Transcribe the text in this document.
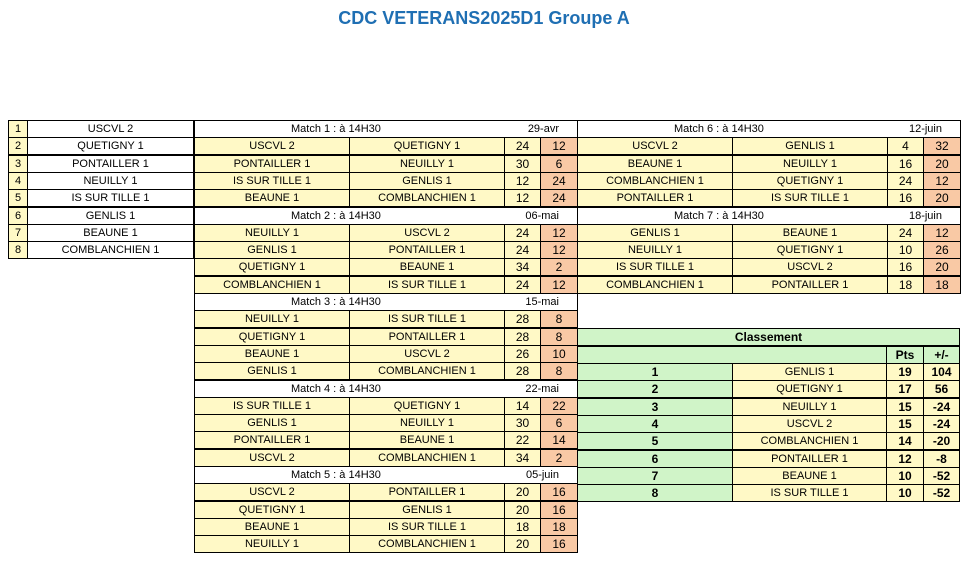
CDC VETERANS2025D1 Groupe A
1	USCVL 2
2	QUETIGNY 1
3	PONTAILLER 1
4	NEUILLY 1
5	IS SUR TILLE 1
6	GENLIS 1
7	BEAUNE 1
8	COMBLANCHIEN 1
Match 1 : à 14H30	29-avr
USCVL 2	QUETIGNY 1	24	12
PONTAILLER 1	NEUILLY 1	30	6
IS SUR TILLE 1	GENLIS 1	12	24
BEAUNE 1	COMBLANCHIEN 1	12	24
Match 2 : à 14H30	06-mai
NEUILLY 1	USCVL 2	24	12
GENLIS 1	PONTAILLER 1	24	12
QUETIGNY 1	BEAUNE 1	34	2
COMBLANCHIEN 1	IS SUR TILLE 1	24	12
Match 3 : à 14H30	15-mai
NEUILLY 1	IS SUR TILLE 1	28	8
QUETIGNY 1	PONTAILLER 1	28	8
BEAUNE 1	USCVL 2	26	10
GENLIS 1	COMBLANCHIEN 1	28	8
Match 4 : à 14H30	22-mai
IS SUR TILLE 1	QUETIGNY 1	14	22
GENLIS 1	NEUILLY 1	30	6
PONTAILLER 1	BEAUNE 1	22	14
USCVL 2	COMBLANCHIEN 1	34	2
Match 5 : à 14H30	05-juin
USCVL 2	PONTAILLER 1	20	16
QUETIGNY 1	GENLIS 1	20	16
BEAUNE 1	IS SUR TILLE 1	18	18
NEUILLY 1	COMBLANCHIEN 1	20	16
Match 6 : à 14H30	12-juin
USCVL 2	GENLIS 1	4	32
BEAUNE 1	NEUILLY 1	16	20
COMBLANCHIEN 1	QUETIGNY 1	24	12
PONTAILLER 1	IS SUR TILLE 1	16	20
Match 7 : à 14H30	18-juin
GENLIS 1	BEAUNE 1	24	12
NEUILLY 1	QUETIGNY 1	10	26
IS SUR TILLE 1	USCVL 2	16	20
COMBLANCHIEN 1	PONTAILLER 1	18	18
Classement
Pts	+/-
1	GENLIS 1	19	104
2	QUETIGNY 1	17	56
3	NEUILLY 1	15	-24
4	USCVL 2	15	-24
5	COMBLANCHIEN 1	14	-20
6	PONTAILLER 1	12	-8
7	BEAUNE 1	10	-52
8	IS SUR TILLE 1	10	-52
